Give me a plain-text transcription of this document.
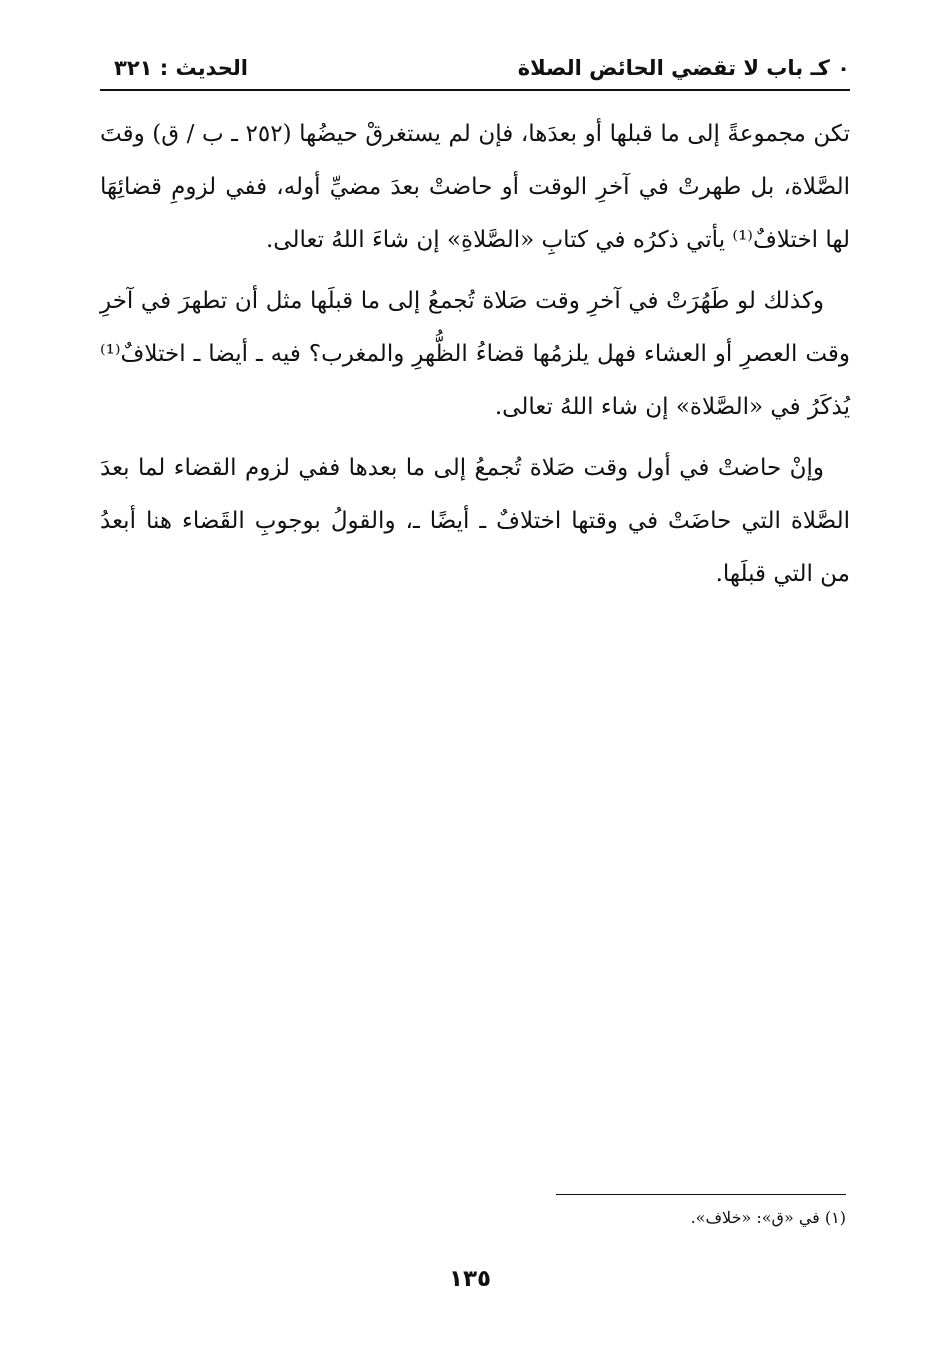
٠ كـ باب لا تقضي الحائض الصلاة
الحديث : ٣٢١

تكن مجموعةً إلى ما قبلها أو بعدَها، فإن لم يستغرقْ حيضُها (٢٥٢ ـ ب / ق) وقتَ الصَّلاة، بل طهرتْ في آخرِ الوقت أو حاضتْ بعدَ مضيِّ أوله، ففي لزومِ قضائِهَا لها اختلافٌ⁽¹⁾ يأتي ذكرُه في كتابِ «الصَّلاةِ» إن شاءَ اللهُ تعالى.

وكذلك لو طَهُرَتْ في آخرِ وقت صَلاة تُجمعُ إلى ما قبلَها مثل أن تطهرَ في آخرِ وقت العصرِ أو العشاء فهل يلزمُها قضاءُ الظُّهرِ والمغرب؟ فيه ـ أيضا ـ اختلافٌ⁽¹⁾ يُذكَرُ في «الصَّلاة» إن شاء اللهُ تعالى.

وإنْ حاضتْ في أول وقت صَلاة تُجمعُ إلى ما بعدها ففي لزوم القضاء لما بعدَ الصَّلاة التي حاضَتْ في وقتها اختلافٌ ـ أيضًا ـ، والقولُ بوجوبِ القَضاء هنا أبعدُ من التي قبلَها.

(١) في «ق»: «خلاف».
١٣٥
